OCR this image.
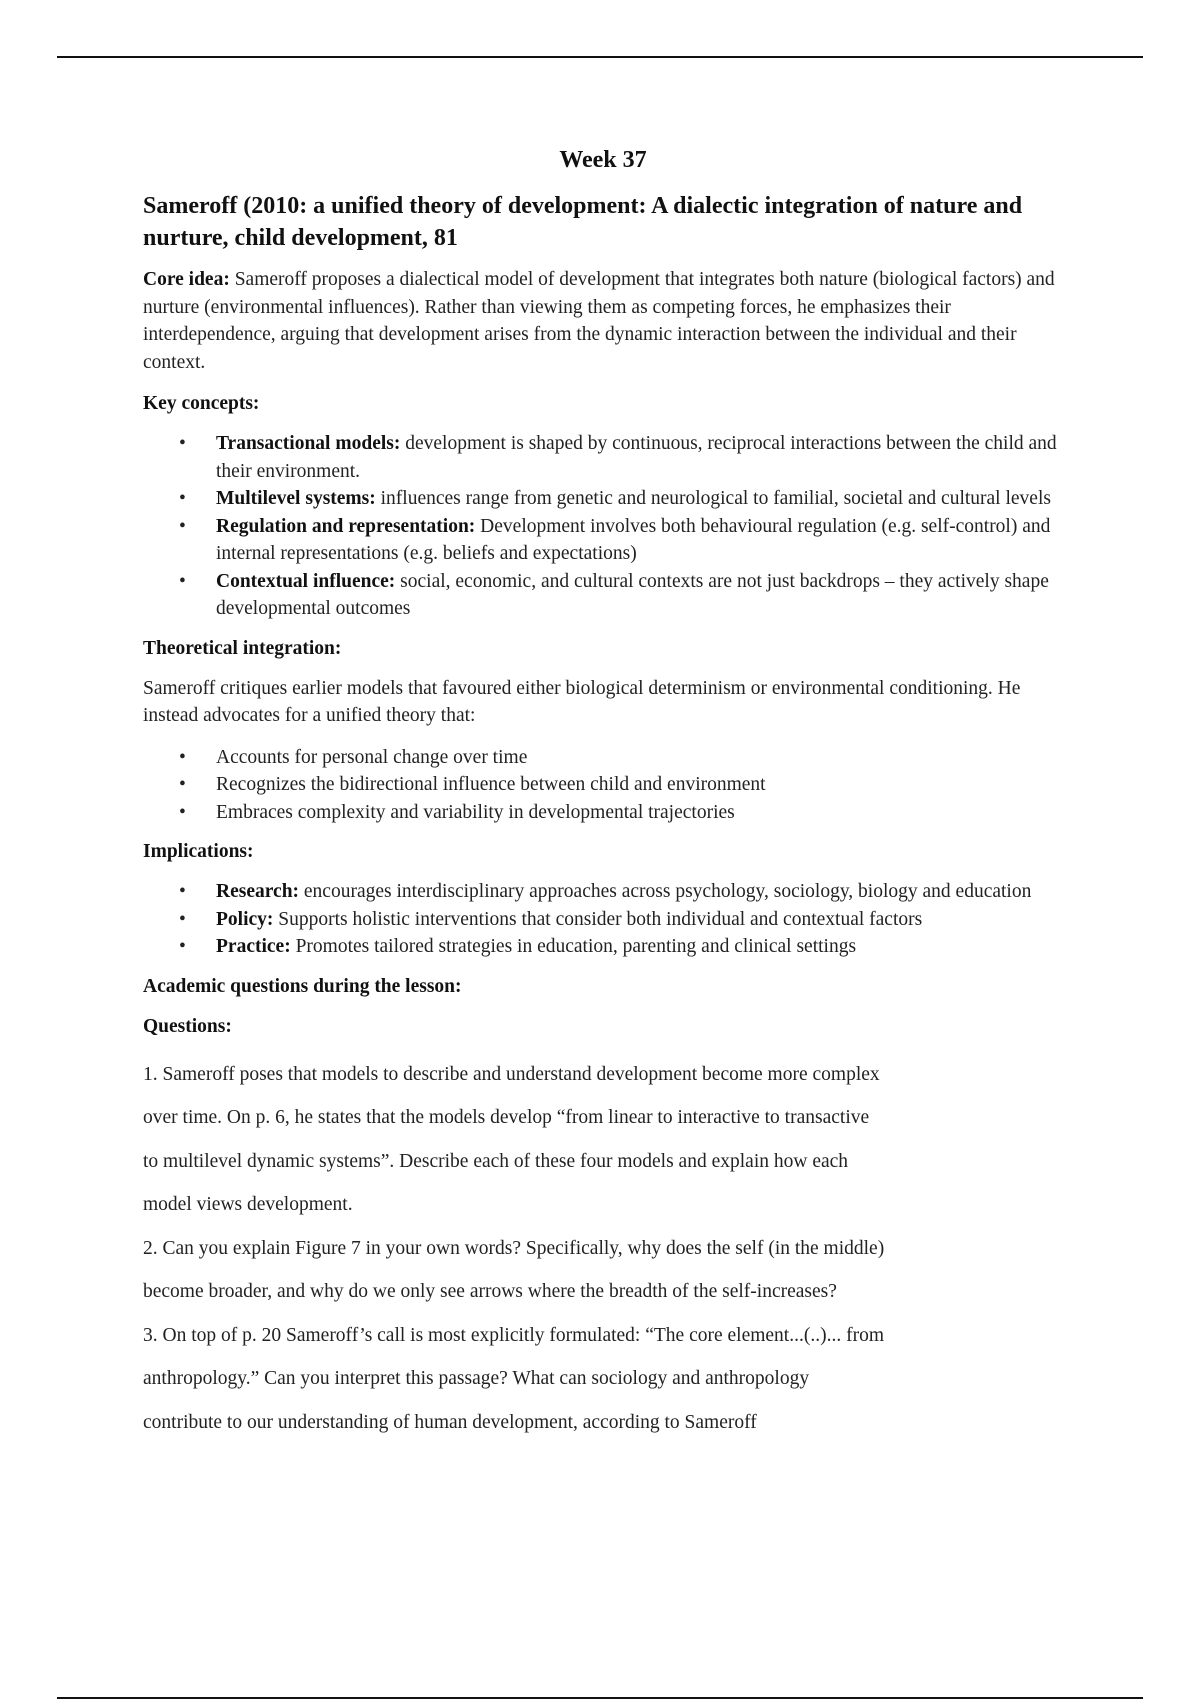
Week 37
Sameroff (2010: a unified theory of development: A dialectic integration of nature and nurture, child development, 81

Core idea: Sameroff proposes a dialectical model of development that integrates both nature (biological factors) and nurture (environmental influences). Rather than viewing them as competing forces, he emphasizes their interdependence, arguing that development arises from the dynamic interaction between the individual and their context.

Key concepts:
• Transactional models: development is shaped by continuous, reciprocal interactions between the child and their environment.
• Multilevel systems: influences range from genetic and neurological to familial, societal and cultural levels
• Regulation and representation: Development involves both behavioural regulation (e.g. self-control) and internal representations (e.g. beliefs and expectations)
• Contextual influence: social, economic, and cultural contexts are not just backdrops – they actively shape developmental outcomes
Theoretical integration:

Sameroff critiques earlier models that favoured either biological determinism or environmental conditioning. He instead advocates for a unified theory that:

• Accounts for personal change over time
• Recognizes the bidirectional influence between child and environment
• Embraces complexity and variability in developmental trajectories
Implications:
• Research: encourages interdisciplinary approaches across psychology, sociology, biology and education
• Policy: Supports holistic interventions that consider both individual and contextual factors
• Practice: Promotes tailored strategies in education, parenting and clinical settings
Academic questions during the lesson:
Questions:
1. Sameroff poses that models to describe and understand development become more complex
over time. On p. 6, he states that the models develop “from linear to interactive to transactive
to multilevel dynamic systems”. Describe each of these four models and explain how each
model views development.
2. Can you explain Figure 7 in your own words? Specifically, why does the self (in the middle)
become broader, and why do we only see arrows where the breadth of the self-increases?
3. On top of p. 20 Sameroff’s call is most explicitly formulated: “The core element...(..)... from
anthropology.” Can you interpret this passage? What can sociology and anthropology
contribute to our understanding of human development, according to Sameroff
